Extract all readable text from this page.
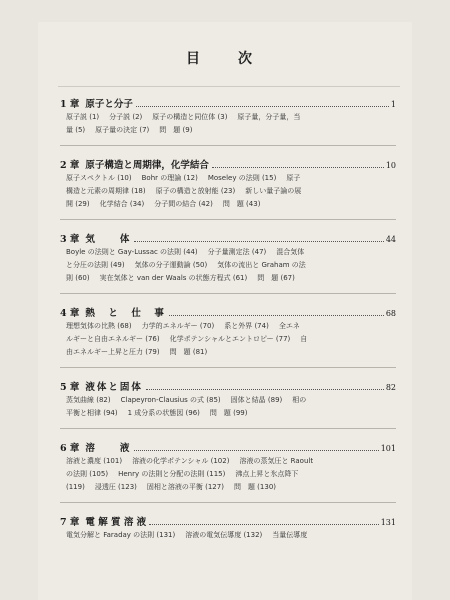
目　次
1 章 原子と分子	1
原子説 (1) 分子説 (2) 原子の構造と同位体 (3) 原子量，分子量，当
量 (5) 原子量の決定 (7) 問　題 (9)
2 章 原子構造と周期律，化学結合	10
原子スペクトル (10) Bohr の理論 (12) Moseley の法則 (15) 原子
構造と元素の周期律 (18) 原子の構造と放射能 (23) 新しい量子論の展
開 (29) 化学結合 (34) 分子間の結合 (42) 問　題 (43)
3 章 気　　体	44
Boyle の法則と Gay-Lussac の法則 (44) 分子量測定法 (47) 混合気体
と分圧の法則 (49) 気体の分子運動論 (50) 気体の流出と Graham の法
則 (60) 実在気体と van der Waals の状態方程式 (61) 問　題 (67)
4 章 熱　と　仕　事	68
理想気体の比熱 (68) 力学的エネルギー (70) 系と外界 (74) 全エネ
ルギーと自由エネルギー (76) 化学ポテンシャルとエントロピー (77) 自
由エネルギー上昇と圧力 (79) 問　題 (81)
5 章 液体と固体	82
蒸気曲線 (82) Clapeyron-Clausius の式 (85) 固体と結晶 (89) 相の
平衡と相律 (94) 1 成分系の状態図 (96) 問　題 (99)
6 章 溶　　液	101
溶液と濃度 (101) 溶液の化学ポテンシャル (102) 溶液の蒸気圧と Raoult
の法則 (105) Henry の法則と分配の法則 (115) 沸点上昇と氷点降下
(119) 浸透圧 (123) 固相と溶液の平衡 (127) 問　題 (130)
7 章 電 解 質 溶 液	131
電気分解と Faraday の法則 (131) 溶液の電気伝導度 (132) 当量伝導度
